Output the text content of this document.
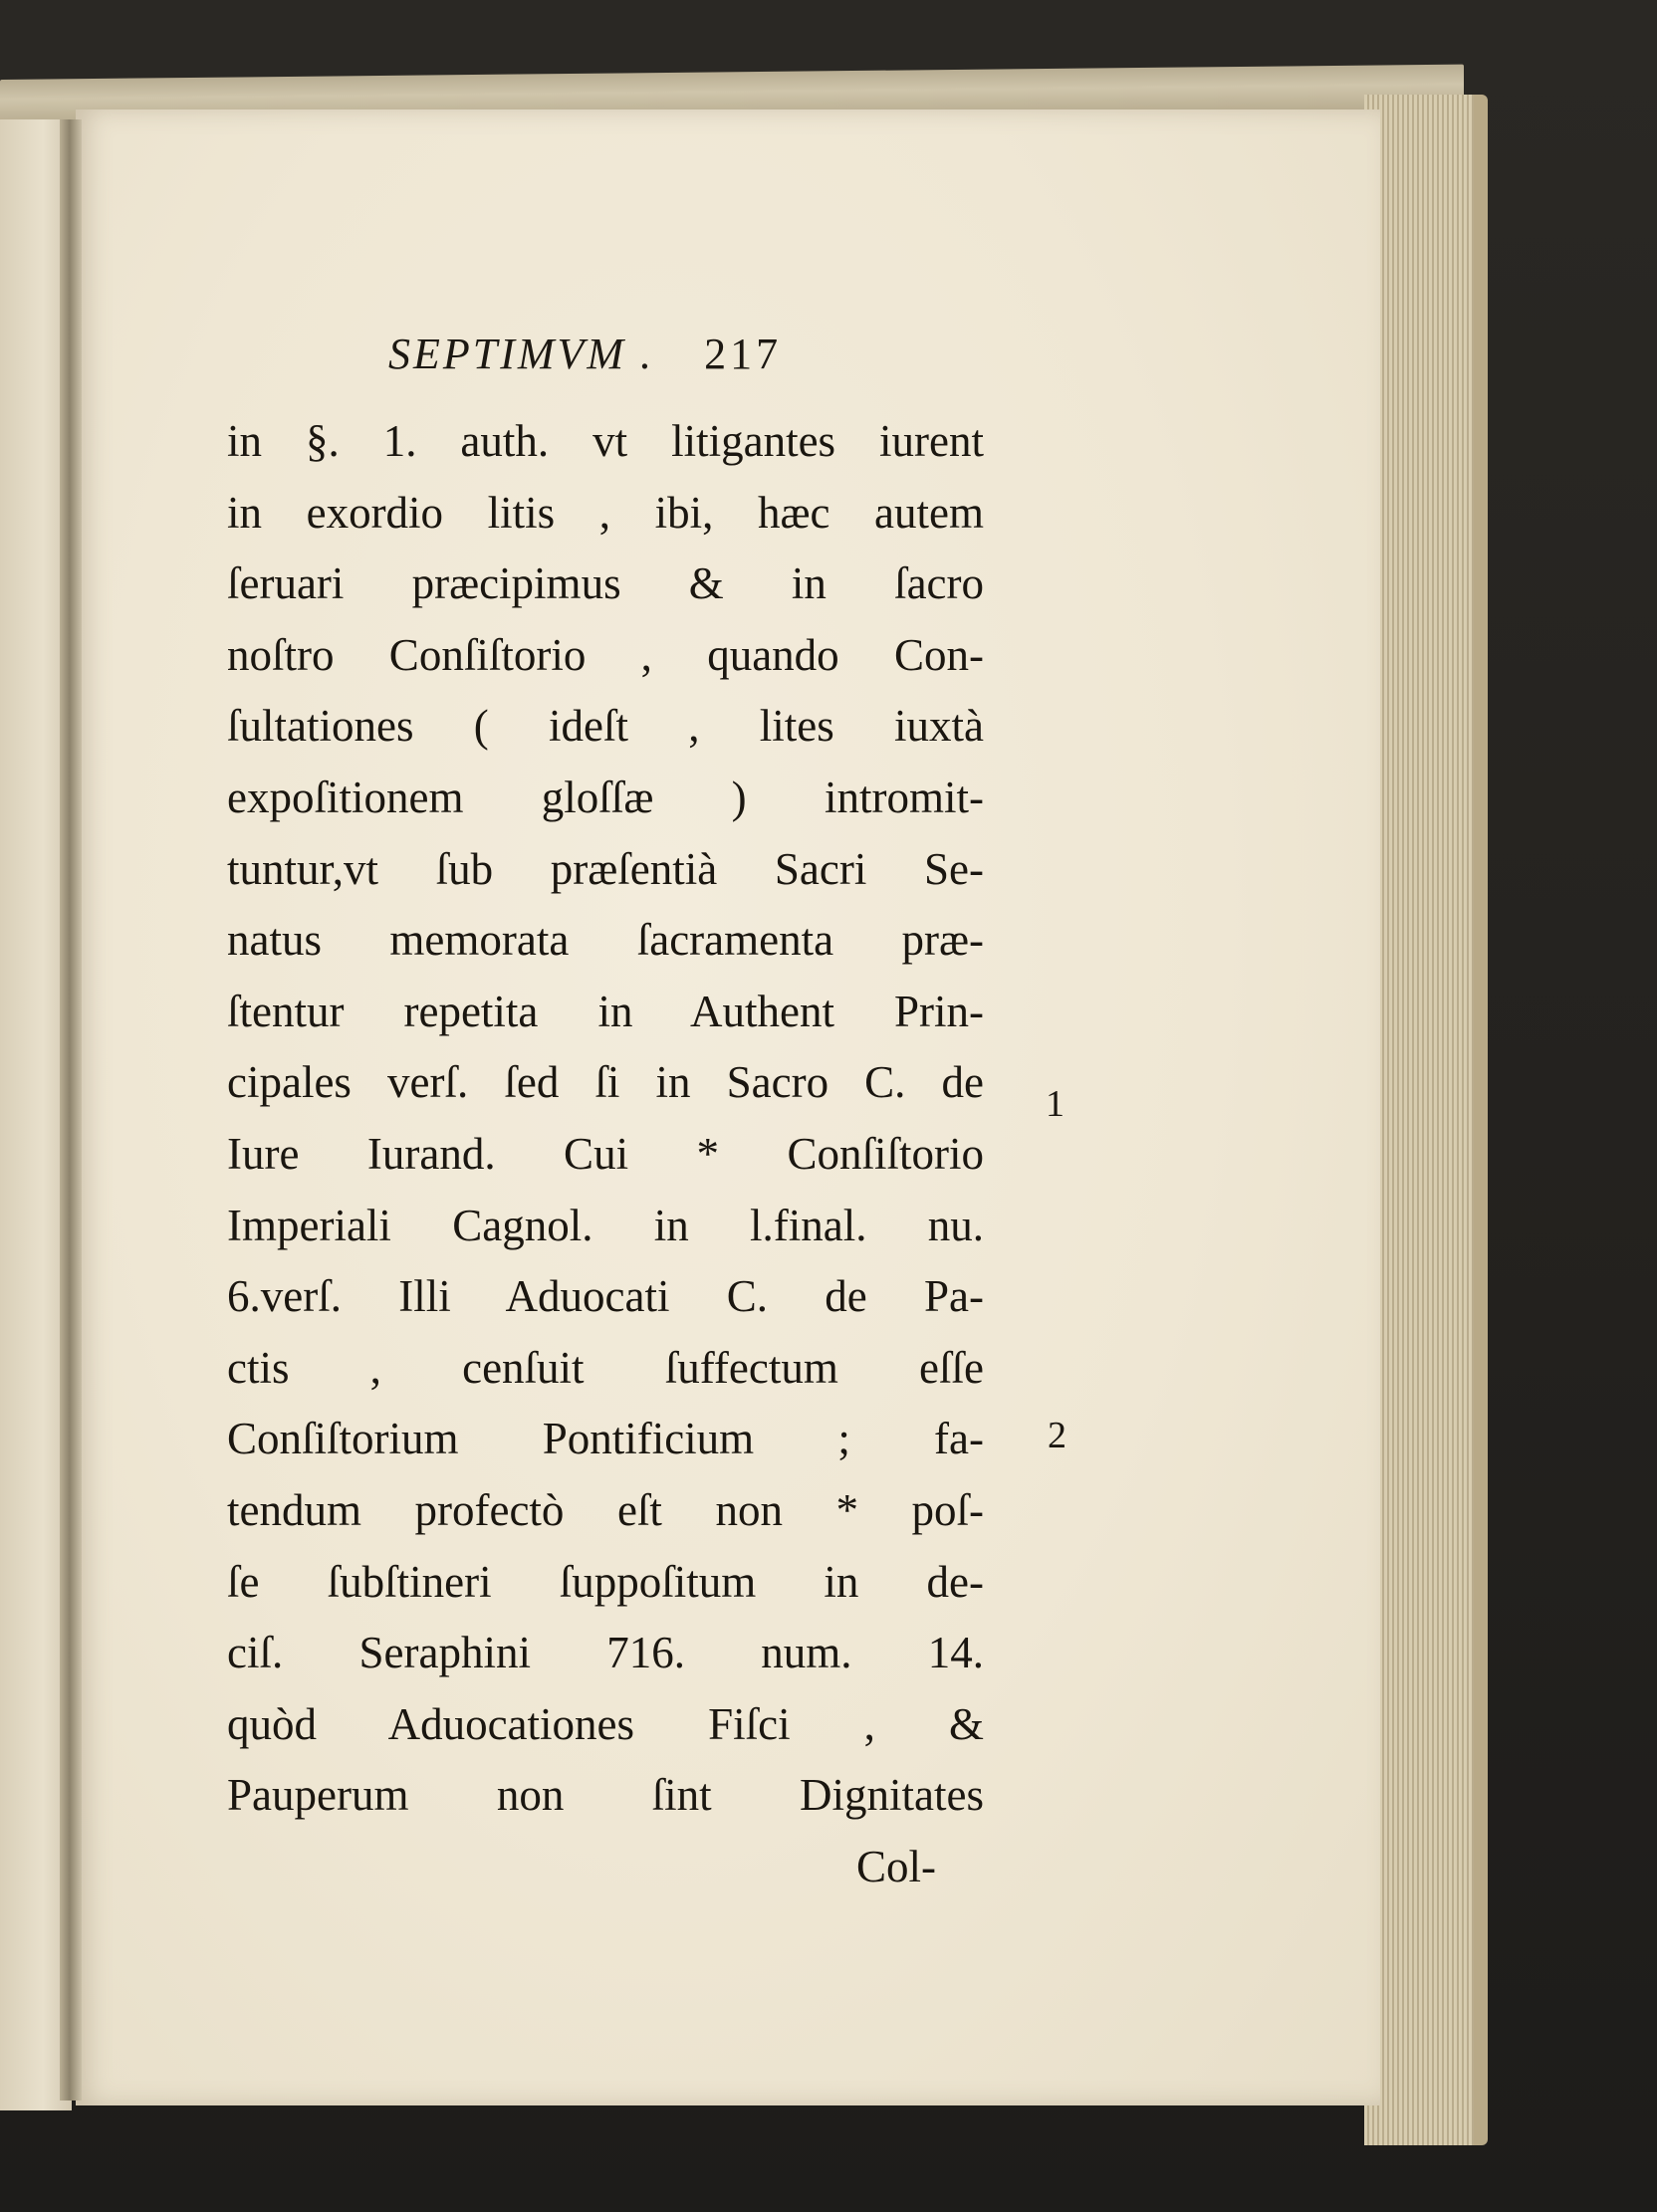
SEPTIMVM . 217
in §. 1. auth. vt litigantes iurent
in exordio litis , ibi, hæc autem
ſeruari præcipimus & in ſacro
noſtro Conſiſtorio , quando Con-
ſultationes ( ideſt , lites iuxtà
expoſitionem gloſſæ ) intromit-
tuntur,vt ſub præſentià Sacri Se-
natus memorata ſacramenta præ-
ſtentur repetita in Authent Prin-
cipales verſ. ſed ſi in Sacro C. de
Iure Iurand. Cui * Conſiſtorio
Imperiali Cagnol. in l.final. nu.
6.verſ. Illi Aduocati C. de Pa-
ctis , cenſuit ſuffectum eſſe
Conſiſtorium Pontificium ; fa-
tendum profectò eſt non * poſ-
ſe ſubſtineri ſuppoſitum in de-
ciſ. Seraphini 716. num. 14.
quòd Aduocationes Fiſci , &
Pauperum non ſint Dignitates
Col-
1
2
